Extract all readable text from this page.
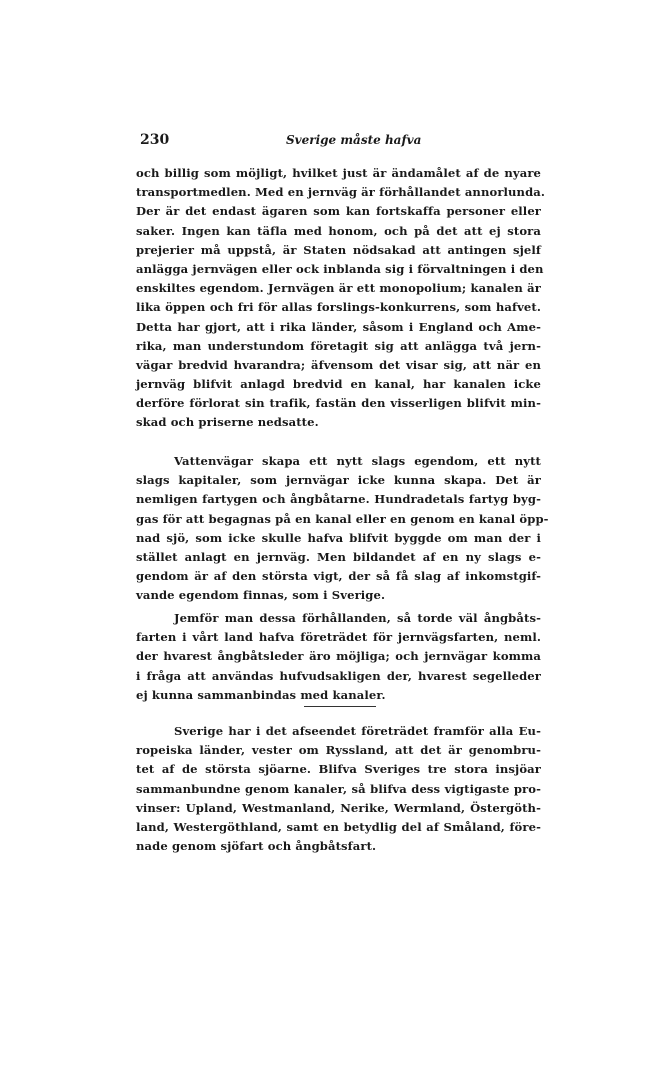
230	Sverige måste hafva
och billig som möjligt, hvilket just är ändamålet af de nyare
transportmedlen. Med en jernväg är förhållandet annorlunda.
Der är det endast ägaren som kan fortskaffa personer eller
saker. Ingen kan täfla med honom, och på det att ej stora
prejerier må uppstå, är Staten nödsakad att antingen sjelf
anlägga jernvägen eller ock inblanda sig i förvaltningen i den
enskiltes egendom. Jernvägen är ett monopolium; kanalen är
lika öppen och fri för allas forslings-konkurrens, som hafvet.
Detta har gjort, att i rika länder, såsom i England och Ame-
rika, man understundom företagit sig att anlägga två jern-
vägar bredvid hvarandra; äfvensom det visar sig, att när en
jernväg blifvit anlagd bredvid en kanal, har kanalen icke
derföre förlorat sin trafik, fastän den visserligen blifvit min-
skad och priserne nedsatte.
Vattenvägar skapa ett nytt slags egendom, ett nytt
slags kapitaler, som jernvägar icke kunna skapa. Det är
nemligen fartygen och ångbåtarne. Hundradetals fartyg byg-
gas för att begagnas på en kanal eller en genom en kanal öpp-
nad sjö, som icke skulle hafva blifvit byggde om man der i
stället anlagt en jernväg. Men bildandet af en ny slags e-
gendom är af den största vigt, der så få slag af inkomstgif-
vande egendom finnas, som i Sverige.
Jemför man dessa förhållanden, så torde väl ångbåts-
farten i vårt land hafva företrädet för jernvägsfarten, neml.
der hvarest ångbåtsleder äro möjliga; och jernvägar komma
i fråga att användas hufvudsakligen der, hvarest segelleder
ej kunna sammanbindas med kanaler.
Sverige har i det afseendet företrädet framför alla Eu-
ropeiska länder, vester om Ryssland, att det är genombru-
tet af de största sjöarne. Blifva Sveriges tre stora insjöar
sammanbundne genom kanaler, så blifva dess vigtigaste pro-
vinser: Upland, Westmanland, Nerike, Wermland, Östergöth-
land, Westergöthland, samt en betydlig del af Småland, före-
nade genom sjöfart och ångbåtsfart.
